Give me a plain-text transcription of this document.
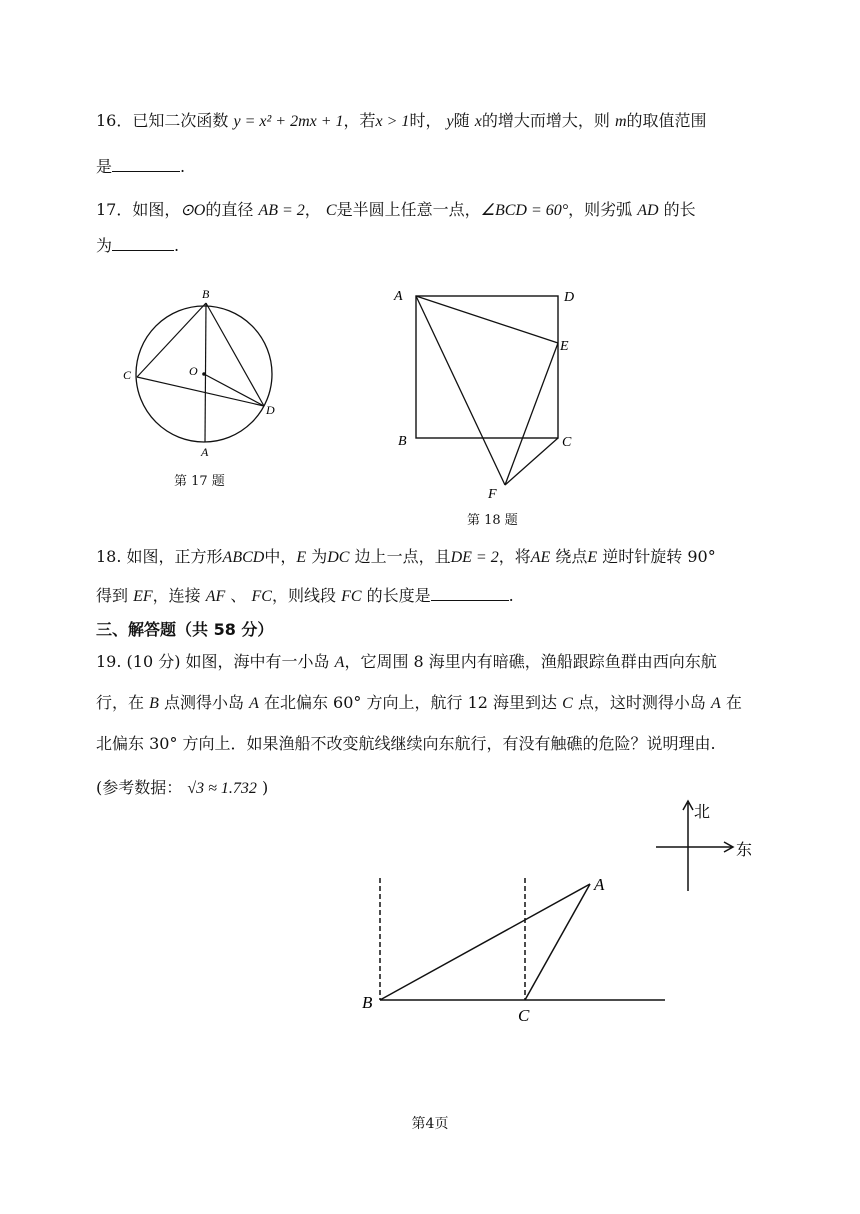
16．已知二次函数 y = x² + 2mx + 1，若x > 1时， y随 x的增大而增大，则 m的取值范围
是	.
17．如图，⊙O的直径 AB = 2， C是半圆上任意一点，∠BCD = 60°，则劣弧 AD 的长
为	.
B
C	O
D
A
第 17 题
A	D
E
B	C
F
第 18 题
18. 如图，正方形ABCD中，E 为DC 边上一点，且DE = 2，将AE 绕点E 逆时针旋转 90°
得到 EF，连接 AF 、 FC，则线段 FC 的长度是	.
三、解答题（共 58 分）
19. (10 分) 如图，海中有一小岛 A，它周围 8 海里内有暗礁，渔船跟踪鱼群由西向东航
行，在 B 点测得小岛 A 在北偏东 60° 方向上，航行 12 海里到达 C 点，这时测得小岛 A 在
北偏东 30° 方向上．如果渔船不改变航线继续向东航行，有没有触礁的危险？说明理由.
(参考数据： √3 ≈ 1.732 )
北
东
A
B
C
第4页
